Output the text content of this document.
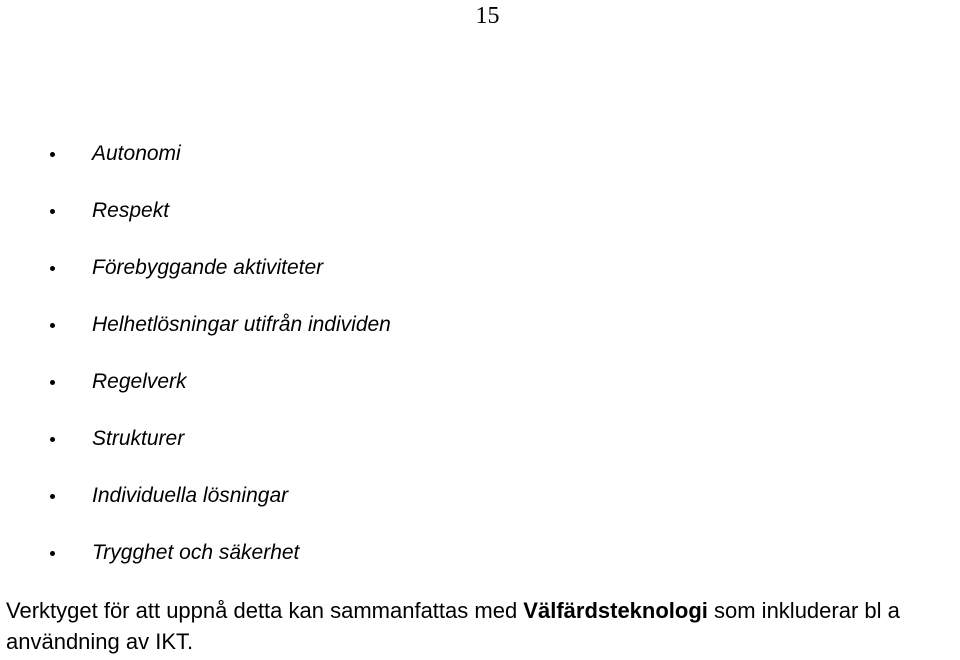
15
Autonomi
Respekt
Förebyggande aktiviteter
Helhetlösningar utifrån individen
Regelverk
Strukturer
Individuella lösningar
Trygghet och säkerhet

Verktyget för att uppnå detta kan sammanfattas med Välfärdsteknologi som inkluderar bl a användning av IKT.
